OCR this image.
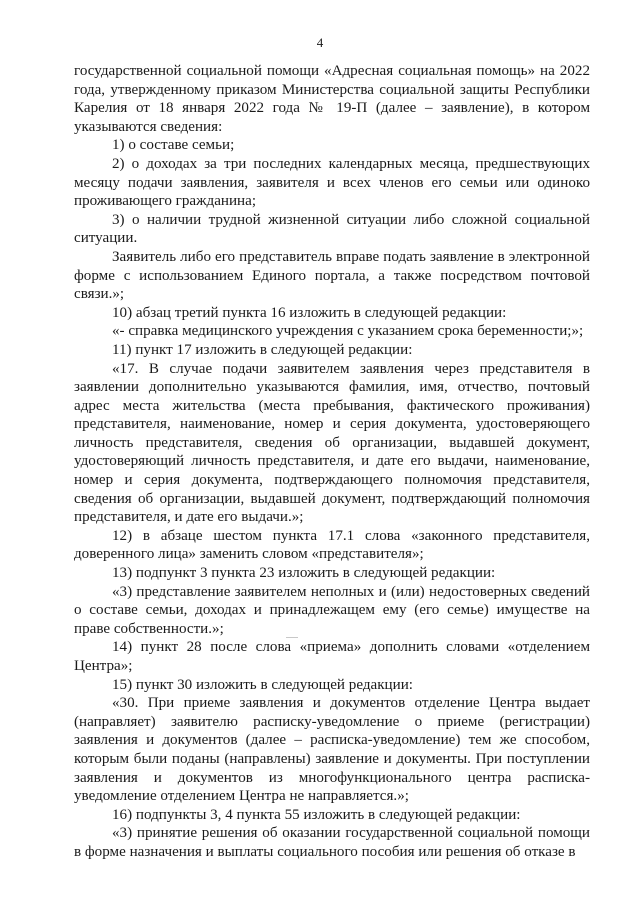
4

государственной социальной помощи «Адресная социальная помощь» на 2022 года, утвержденному приказом Министерства социальной защиты Республики Карелия от 18 января 2022 года № 19-П (далее – заявление), в котором указываются сведения:

1) о составе семьи;

2) о доходах за три последних календарных месяца, предшествующих месяцу подачи заявления, заявителя и всех членов его семьи или одиноко проживающего гражданина;

3) о наличии трудной жизненной ситуации либо сложной социальной ситуации.

Заявитель либо его представитель вправе подать заявление в электронной форме с использованием Единого портала, а также посредством почтовой связи.»;

10) абзац третий пункта 16 изложить в следующей редакции:

«- справка медицинского учреждения с указанием срока беременности;»;

11) пункт 17 изложить в следующей редакции:

«17. В случае подачи заявителем заявления через представителя в заявлении дополнительно указываются фамилия, имя, отчество, почтовый адрес места жительства (места пребывания, фактического проживания) представителя, наименование, номер и серия документа, удостоверяющего личность представителя, сведения об организации, выдавшей документ, удостоверяющий личность представителя, и дате его выдачи, наименование, номер и серия документа, подтверждающего полномочия представителя, сведения об организации, выдавшей документ, подтверждающий полномочия представителя, и дате его выдачи.»;

12) в абзаце шестом пункта 17.1 слова «законного представителя, доверенного лица» заменить словом «представителя»;

13) подпункт 3 пункта 23 изложить в следующей редакции:

«3) представление заявителем неполных и (или) недостоверных сведений о составе семьи, доходах и принадлежащем ему (его семье) имуществе на праве собственности.»;

14) пункт 28 после слова «приема» дополнить словами «отделением Центра»;

15) пункт 30 изложить в следующей редакции:

«30. При приеме заявления и документов отделение Центра выдает (направляет) заявителю расписку-уведомление о приеме (регистрации) заявления и документов (далее – расписка-уведомление) тем же способом, которым были поданы (направлены) заявление и документы. При поступлении заявления и документов из многофункционального центра расписка-уведомление отделением Центра не направляется.»;

16) подпункты 3, 4 пункта 55 изложить в следующей редакции:

«3) принятие решения об оказании государственной социальной помощи в форме назначения и выплаты социального пособия или решения об отказе в
